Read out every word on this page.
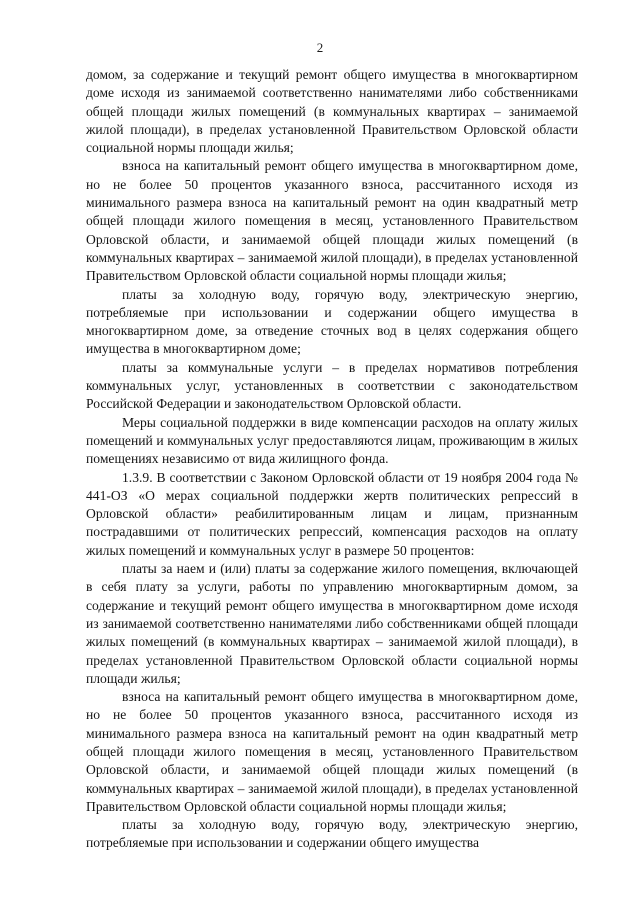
2

домом, за содержание и текущий ремонт общего имущества в многоквартирном доме исходя из занимаемой соответственно нанимателями либо собственниками общей площади жилых помещений (в коммунальных квартирах – занимаемой жилой площади), в пределах установленной Правительством Орловской области социальной нормы площади жилья;

взноса на капитальный ремонт общего имущества в многоквартирном доме, но не более 50 процентов указанного взноса, рассчитанного исходя из минимального размера взноса на капитальный ремонт на один квадратный метр общей площади жилого помещения в месяц, установленного Правительством Орловской области, и занимаемой общей площади жилых помещений (в коммунальных квартирах – занимаемой жилой площади), в пределах установленной Правительством Орловской области социальной нормы площади жилья;

платы за холодную воду, горячую воду, электрическую энергию, потребляемые при использовании и содержании общего имущества в многоквартирном доме, за отведение сточных вод в целях содержания общего имущества в многоквартирном доме;

платы за коммунальные услуги – в пределах нормативов потребления коммунальных услуг, установленных в соответствии с законодательством Российской Федерации и законодательством Орловской области.

Меры социальной поддержки в виде компенсации расходов на оплату жилых помещений и коммунальных услуг предоставляются лицам, проживающим в жилых помещениях независимо от вида жилищного фонда.

1.3.9. В соответствии с Законом Орловской области от 19 ноября 2004 года № 441-ОЗ «О мерах социальной поддержки жертв политических репрессий в Орловской области» реабилитированным лицам и лицам, признанным пострадавшими от политических репрессий, компенсация расходов на оплату жилых помещений и коммунальных услуг в размере 50 процентов:

платы за наем и (или) платы за содержание жилого помещения, включающей в себя плату за услуги, работы по управлению многоквартирным домом, за содержание и текущий ремонт общего имущества в многоквартирном доме исходя из занимаемой соответственно нанимателями либо собственниками общей площади жилых помещений (в коммунальных квартирах – занимаемой жилой площади), в пределах установленной Правительством Орловской области социальной нормы площади жилья;

взноса на капитальный ремонт общего имущества в многоквартирном доме, но не более 50 процентов указанного взноса, рассчитанного исходя из минимального размера взноса на капитальный ремонт на один квадратный метр общей площади жилого помещения в месяц, установленного Правительством Орловской области, и занимаемой общей площади жилых помещений (в коммунальных квартирах – занимаемой жилой площади), в пределах установленной Правительством Орловской области социальной нормы площади жилья;

платы за холодную воду, горячую воду, электрическую энергию, потребляемые при использовании и содержании общего имущества
